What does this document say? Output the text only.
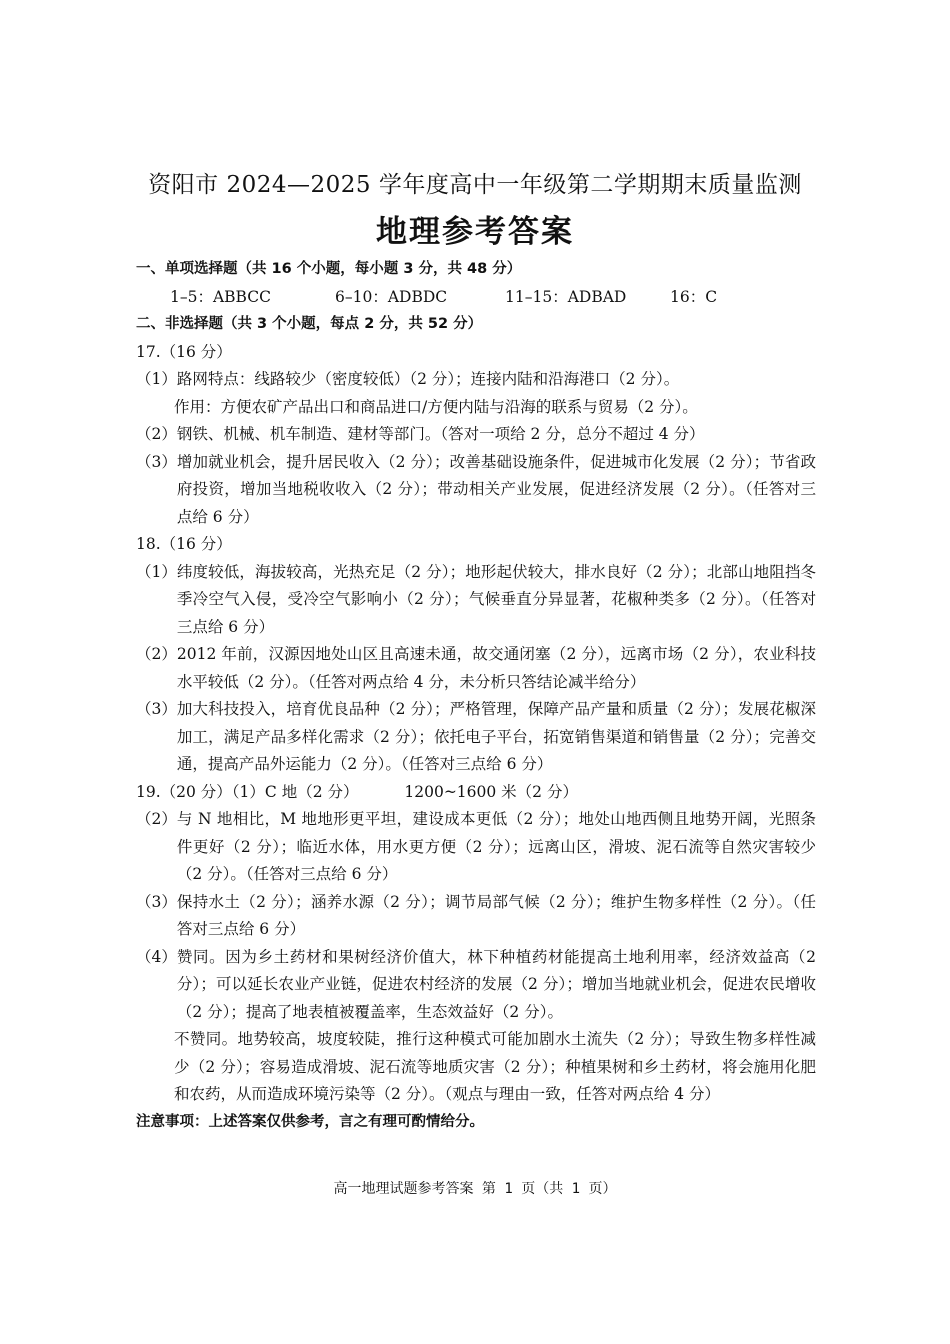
资阳市 2024—2025 学年度高中一年级第二学期期末质量监测
地理参考答案
一、单项选择题（共 16 个小题，每小题 3 分，共 48 分）
1–5：ABBCC	6–10：ADBDC	11–15：ADBAD	16：C
二、非选择题（共 3 个小题，每点 2 分，共 52 分）
17.（16 分）
（1） 路网特点：线路较少（密度较低）（2 分）；连接内陆和沿海港口（2 分）。
作用：方便农矿产品出口和商品进口/方便内陆与沿海的联系与贸易（2 分）。
（2） 钢铁、机械、机车制造、建材等部门。（答对一项给 2 分，总分不超过 4 分）
（3） 增加就业机会，提升居民收入（2 分）；改善基础设施条件，促进城市化发展（2 分）；节省政府投资，增加当地税收收入（2 分）；带动相关产业发展，促进经济发展（2 分）。（任答对三点给 6 分）
18.（16 分）
（1） 纬度较低，海拔较高，光热充足（2 分）；地形起伏较大，排水良好（2 分）；北部山地阻挡冬季冷空气入侵，受冷空气影响小（2 分）；气候垂直分异显著，花椒种类多（2 分）。（任答对三点给 6 分）
（2） 2012 年前，汉源因地处山区且高速未通，故交通闭塞（2 分），远离市场（2 分），农业科技水平较低（2 分）。（任答对两点给 4 分，未分析只答结论减半给分）
（3） 加大科技投入，培育优良品种（2 分）；严格管理，保障产品产量和质量（2 分）；发展花椒深加工，满足产品多样化需求（2 分）；依托电子平台，拓宽销售渠道和销售量（2 分）；完善交通，提高产品外运能力（2 分）。（任答对三点给 6 分）
19.（20 分）（1）C 地（2 分）	1200~1600 米（2 分）
（2） 与 N 地相比，M 地地形更平坦，建设成本更低（2 分）；地处山地西侧且地势开阔，光照条件更好（2 分）；临近水体，用水更方便（2 分）；远离山区，滑坡、泥石流等自然灾害较少（2 分）。（任答对三点给 6 分）
（3） 保持水土（2 分）；涵养水源（2 分）；调节局部气候（2 分）；维护生物多样性（2 分）。（任答对三点给 6 分）
（4） 赞同。因为乡土药材和果树经济价值大，林下种植药材能提高土地利用率，经济效益高（2 分）；可以延长农业产业链，促进农村经济的发展（2 分）；增加当地就业机会，促进农民增收（2 分）；提高了地表植被覆盖率，生态效益好（2 分）。
不赞同。地势较高，坡度较陡，推行这种模式可能加剧水土流失（2 分）；导致生物多样性减少（2 分）；容易造成滑坡、泥石流等地质灾害（2 分）；种植果树和乡土药材，将会施用化肥和农药，从而造成环境污染等（2 分）。（观点与理由一致，任答对两点给 4 分）
注意事项：上述答案仅供参考，言之有理可酌情给分。
高一地理试题参考答案 第 1 页（共 1 页）
